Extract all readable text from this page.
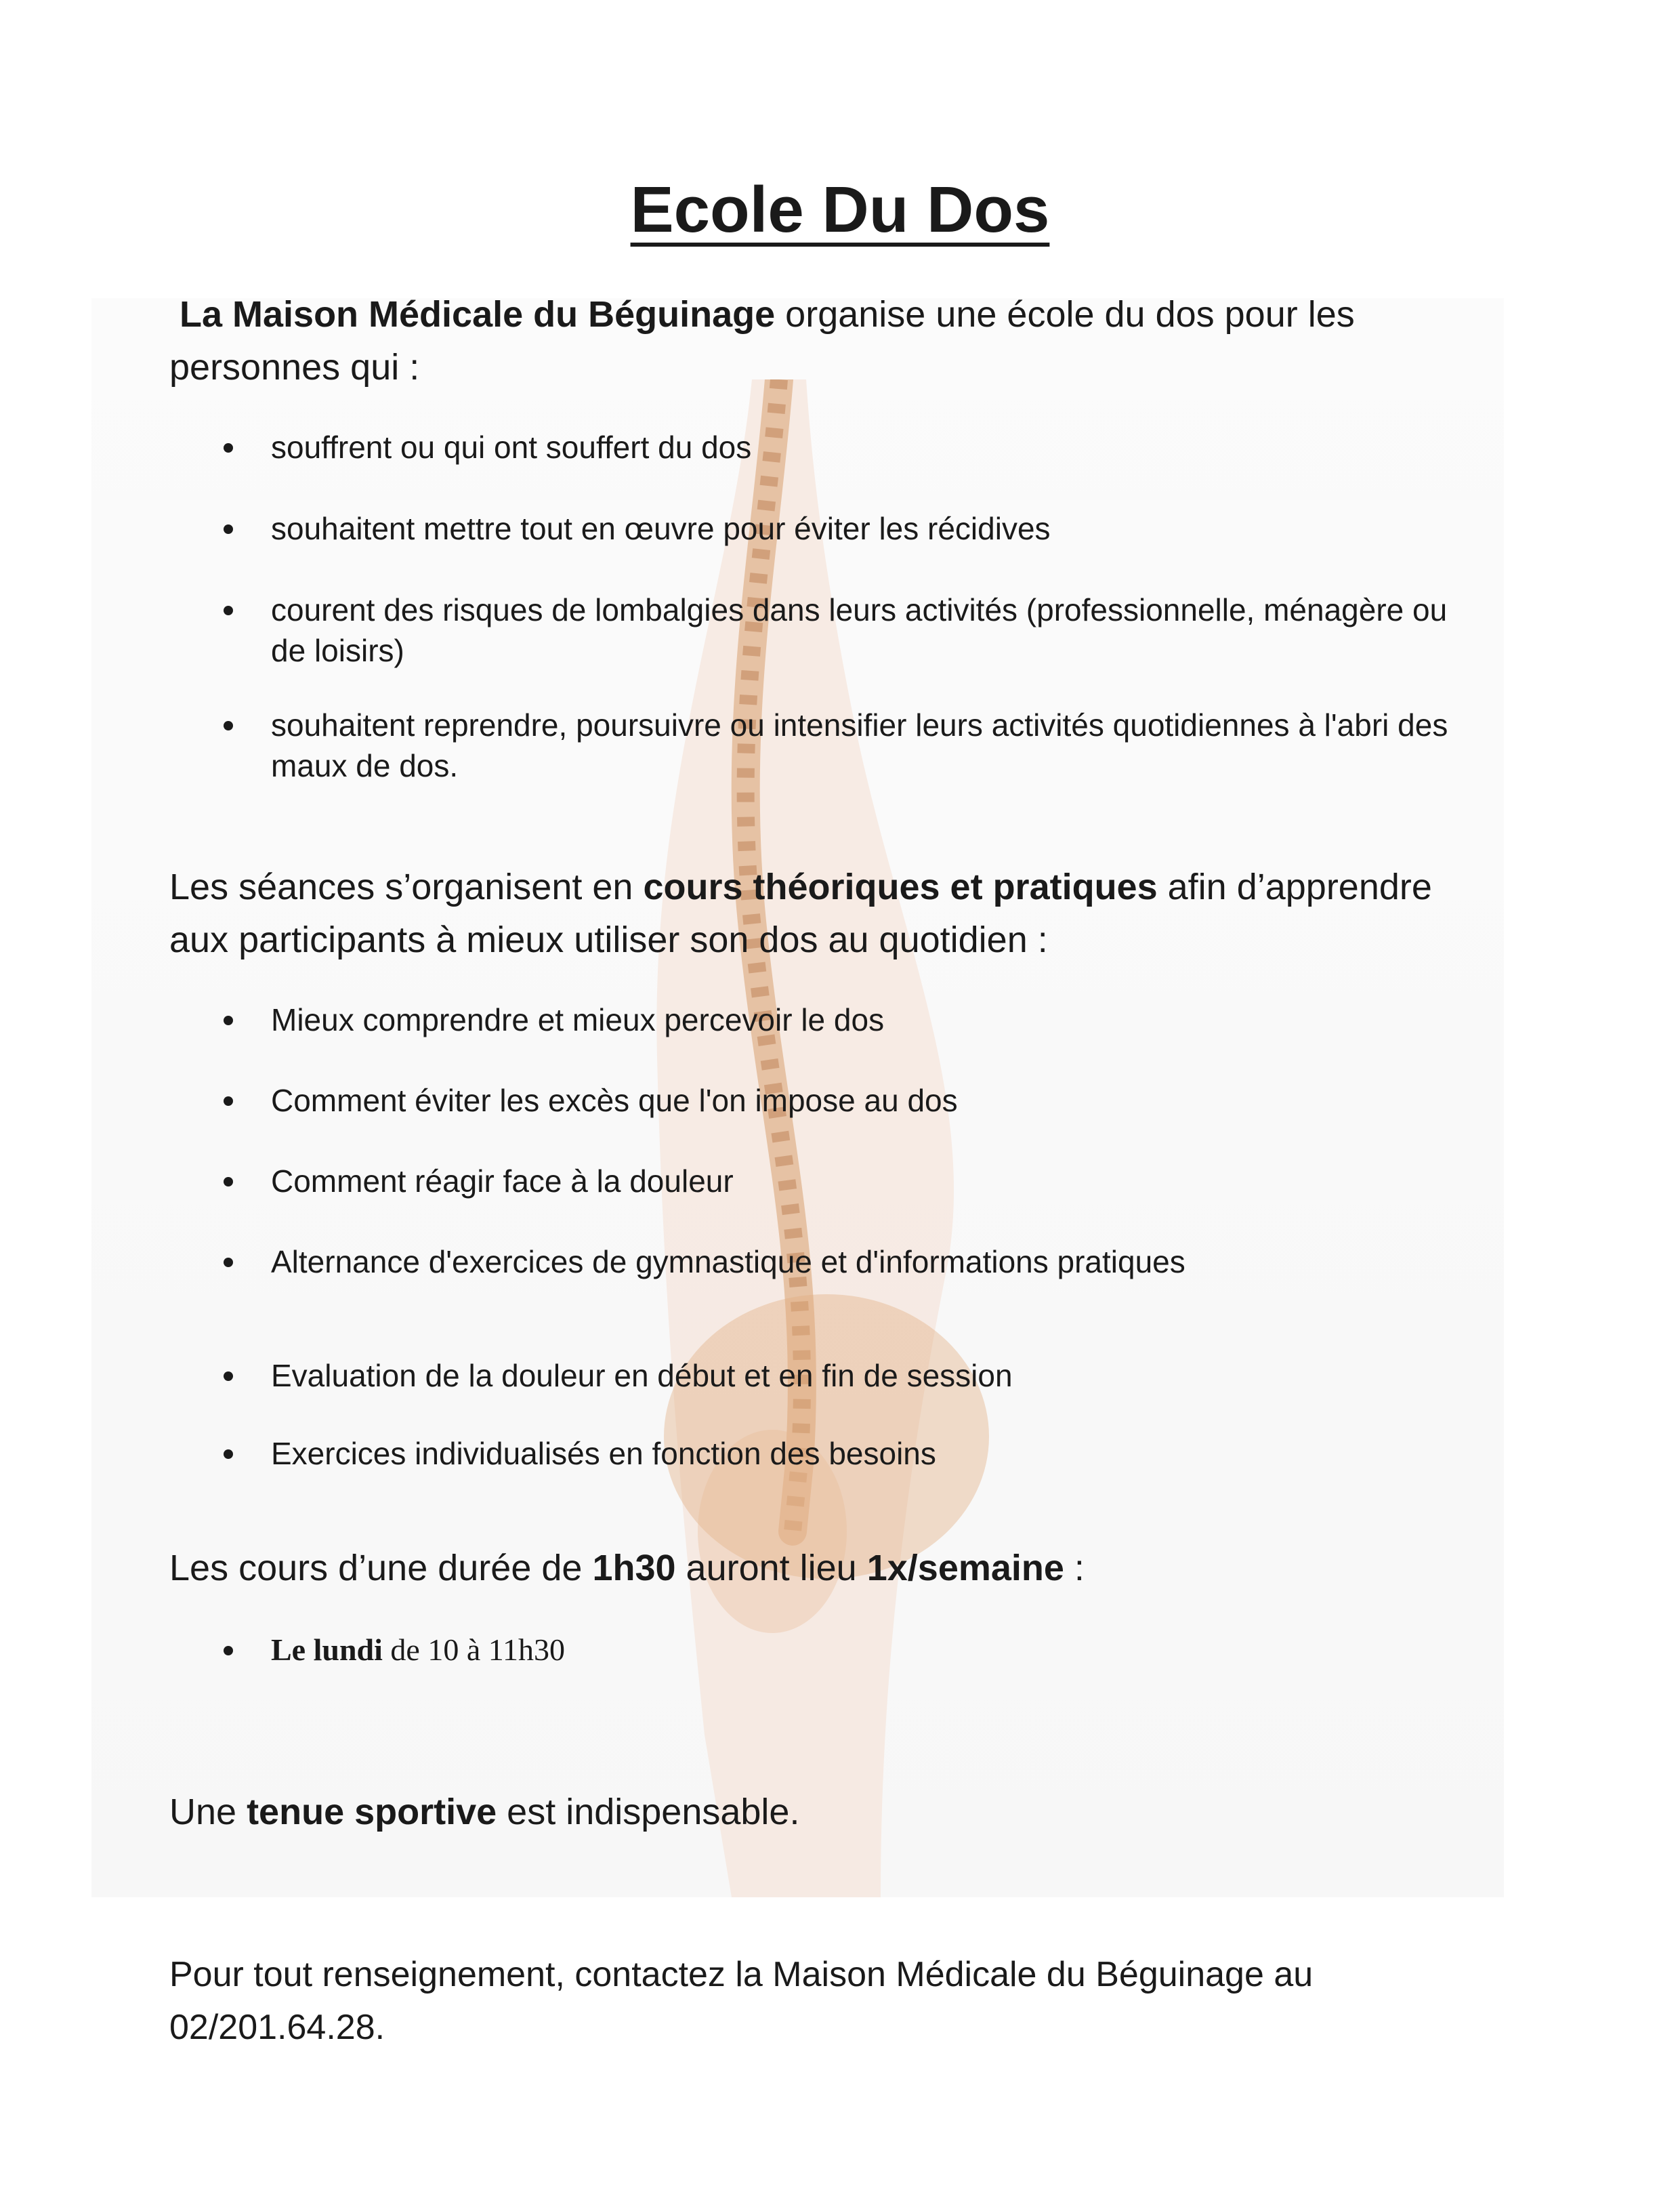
Ecole Du Dos
La Maison Médicale du Béguinage organise une école du dos pour les personnes qui :
souffrent ou qui ont souffert du dos
souhaitent mettre tout en œuvre pour éviter les récidives
courent des risques de lombalgies dans leurs activités (professionnelle, ménagère ou de loisirs)
souhaitent reprendre, poursuivre ou intensifier leurs activités quotidiennes à l'abri des maux de dos.
Les séances s’organisent en cours théoriques et pratiques afin d’apprendre aux participants à mieux utiliser son dos au quotidien :
Mieux comprendre et mieux percevoir le dos
Comment éviter les excès que l'on impose au dos
Comment réagir face à la douleur
Alternance d'exercices de gymnastique et d'informations pratiques
Evaluation de la douleur en début et en fin de session
Exercices individualisés en fonction des besoins
Les cours d’une durée de 1h30 auront lieu 1x/semaine :
Le lundi de 10 à 11h30
Une tenue sportive est indispensable.
Pour tout renseignement, contactez la Maison Médicale du Béguinage au 02/201.64.28.
